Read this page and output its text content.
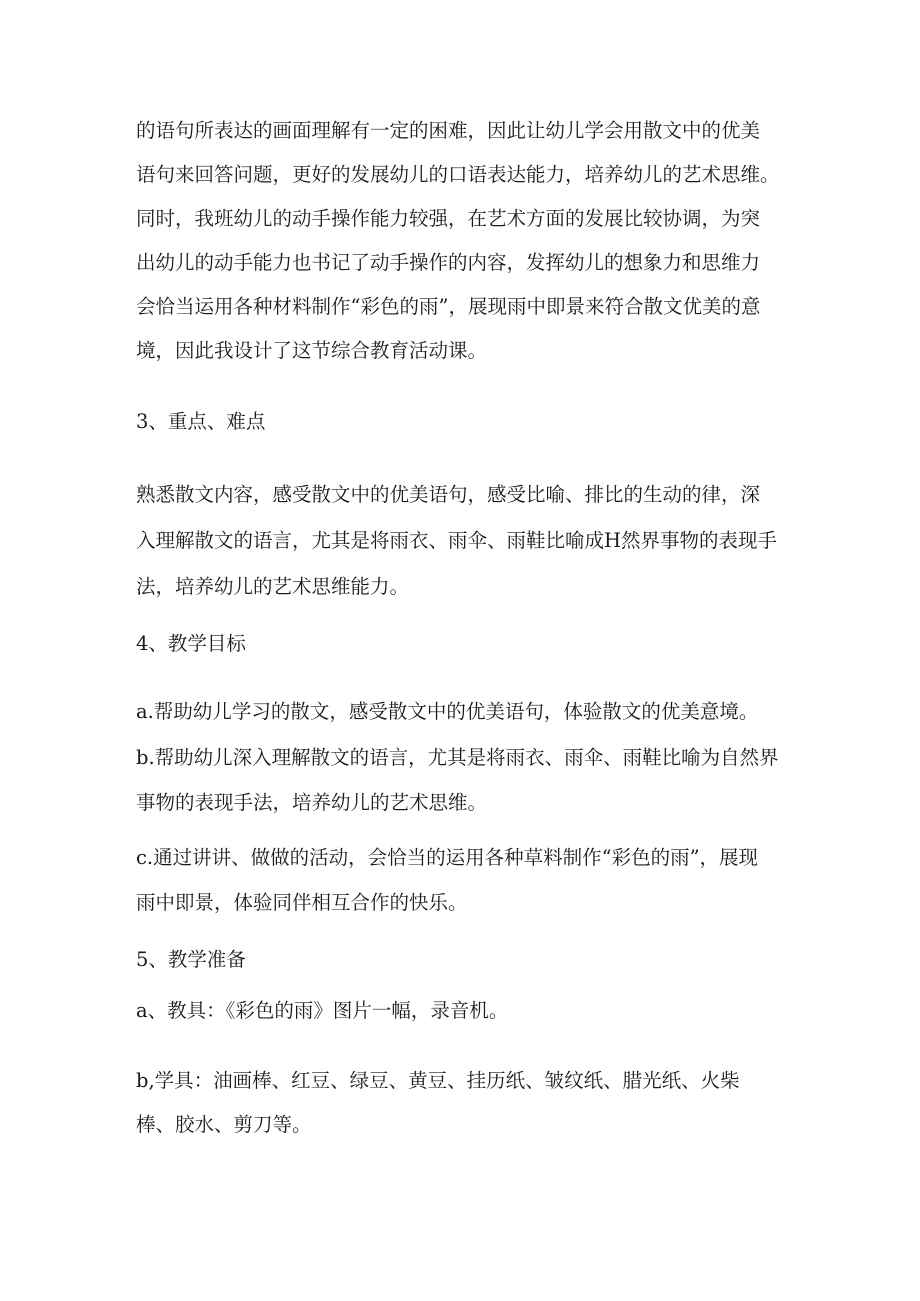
的语句所表达的画面理解有一定的困难，因此让幼儿学会用散文中的优美
语句来回答问题，更好的发展幼儿的口语表达能力，培养幼儿的艺术思维。
同时，我班幼儿的动手操作能力较强，在艺术方面的发展比较协调，为突
出幼儿的动手能力也书记了动手操作的内容，发挥幼儿的想象力和思维力
会恰当运用各种材料制作“彩色的雨”，展现雨中即景来符合散文优美的意
境，因此我设计了这节综合教育活动课。
3、重点、难点
熟悉散文内容，感受散文中的优美语句，感受比喻、排比的生动的律，深
入理解散文的语言，尤其是将雨衣、雨伞、雨鞋比喻成H然界事物的表现手
法，培养幼儿的艺术思维能力。
4、教学目标
a.帮助幼儿学习的散文，感受散文中的优美语句，体验散文的优美意境。
b.帮助幼儿深入理解散文的语言，尤其是将雨衣、雨伞、雨鞋比喻为自然界
事物的表现手法，培养幼儿的艺术思维。
c.通过讲讲、做做的活动，会恰当的运用各种草料制作“彩色的雨”，展现
雨中即景，体验同伴相互合作的快乐。
5、教学准备
a、教具：《彩色的雨》图片一幅，录音机。
b,学具：油画棒、红豆、绿豆、黄豆、挂历纸、皱纹纸、腊光纸、火柴
棒、胶水、剪刀等。
